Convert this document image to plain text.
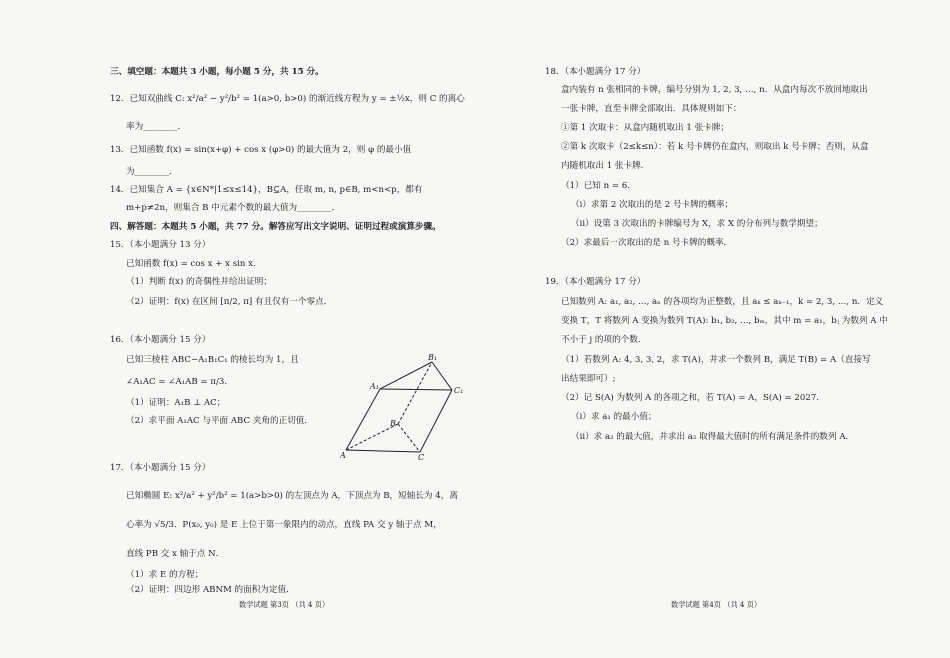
三、填空题：本题共 3 小题，每小题 5 分，共 15 分。
12．已知双曲线 C: x²/a² − y²/b² = 1(a>0, b>0) 的渐近线方程为 y = ±½x，则 C 的离心
率为________．
13．已知函数 f(x) = sin(x+φ) + cos x (φ>0) 的最大值为 2，则 φ 的最小值
为________．
14．已知集合 A = {x∈N*|1≤x≤14}，B⊆A，任取 m, n, p∈B, m<n<p，都有
m+p≠2n，则集合 B 中元素个数的最大值为________．
四、解答题：本题共 5 小题，共 77 分。解答应写出文字说明、证明过程或演算步骤。
15．（本小题满分 13 分）
已知函数 f(x) = cos x + x sin x．
（1）判断 f(x) 的奇偶性并给出证明；
（2）证明：f(x) 在区间 [π/2, π] 有且仅有一个零点．
16．（本小题满分 15 分）
已知三棱柱 ABC−A₁B₁C₁ 的棱长均为 1，且
∠A₁AC = ∠A₁AB = π/3．
（1）证明：A₁B ⊥ AC；
（2）求平面 A₁AC 与平面 ABC 夹角的正切值．
17．（本小题满分 15 分）
已知椭圆 E: x²/a² + y²/b² = 1(a>b>0) 的左顶点为 A，下顶点为 B，短轴长为 4，离
心率为 √5/3．P(x₀, y₀) 是 E 上位于第一象限内的动点，直线 PA 交 y 轴于点 M，
直线 PB 交 x 轴于点 N．
（1）求 E 的方程；
（2）证明：四边形 ABNM 的面积为定值．
A₁
B₁
C₁
A
B
C
数学试题 第3页 （共 4 页）
18．（本小题满分 17 分）
盒内装有 n 张相同的卡牌，编号分别为 1, 2, 3, …, n．从盒内每次不放回地取出
一张卡牌，直至卡牌全部取出．具体规则如下：
①第 1 次取卡：从盒内随机取出 1 张卡牌；
②第 k 次取卡（2≤k≤n）：若 k 号卡牌仍在盒内，则取出 k 号卡牌；否则，从盒
内随机取出 1 张卡牌．
（1）已知 n = 6．
（i）求第 2 次取出的是 2 号卡牌的概率；
（ii）设第 3 次取出的卡牌编号为 X，求 X 的分布列与数学期望；
（2）求最后一次取出的是 n 号卡牌的概率．
19．（本小题满分 17 分）
已知数列 A: a₁, a₂, …, aₙ 的各项均为正整数，且 aₖ ≤ aₖ₋₁，k = 2, 3, …, n．定义
变换 T，T 将数列 A 变换为数列 T(A): b₁, b₂, …, bₘ，其中 m = a₁，bⱼ 为数列 A 中
不小于 j 的项的个数．
（1）若数列 A: 4, 3, 3, 2，求 T(A)，并求一个数列 B，满足 T(B) = A（直接写
出结果即可）;
（2）记 S(A) 为数列 A 的各项之和，若 T(A) = A，S(A) = 2027．
（i）求 a₁ 的最小值；
（ii）求 a₂ 的最大值，并求出 a₂ 取得最大值时的所有满足条件的数列 A．
数学试题 第4页 （共 4 页）
